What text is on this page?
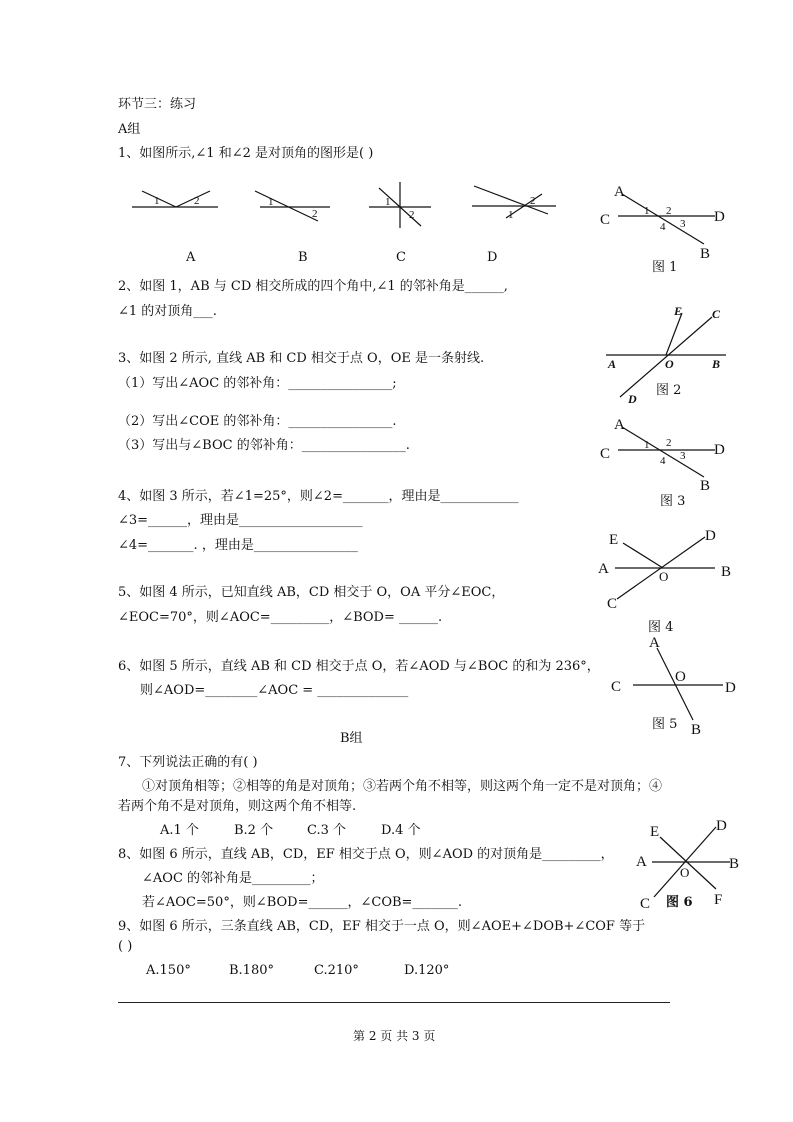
环节三：练习
A组
1、如图所示,∠1 和∠2 是对顶角的图形是( )
1	2	1
2
1
2	1
2
A	B	C	D
A
B
C	D
1 2
3
4
图 1
2、如图 1，AB 与 CD 相交所成的四个角中,∠1 的邻补角是______,
∠1 的对顶角___.
A	B
C
D
E
O
图 2
3、如图 2 所示, 直线 AB 和 CD 相交于点 O，OE 是一条射线.
（1）写出∠AOC 的邻补角：________________;
（2）写出∠COE 的邻补角：________________.
（3）写出与∠BOC 的邻补角：________________.
A
B
C	D
1 2
3
4
图 3
4、如图 3 所示，若∠1=25°，则∠2=_______，理由是____________
∠3=______，理由是___________________
∠4=_______. ，理由是________________
A	B
C
D
E
O
图 4
5、如图 4 所示，已知直线 AB，CD 相交于 O，OA 平分∠EOC，
∠EOC=70°，则∠AOC=_________，∠BOD= ______.
A
B
C	D
O
图 5
6、如图 5 所示，直线 AB 和 CD 相交于点 O，若∠AOD 与∠BOC 的和为 236°，
则∠AOD=________∠AOC = ______________
B组
7、下列说法正确的有( )
①对顶角相等；②相等的角是对顶角；③若两个角不相等，则这两个角一定不是对顶角；④
若两个角不是对顶角，则这两个角不相等.
A.1 个	B.2 个	C.3 个	D.4 个
A	B
C
D
E
F
O
图 6
8、如图 6 所示，直线 AB，CD，EF 相交于点 O，则∠AOD 的对顶角是_________，
∠AOC 的邻补角是_________；
若∠AOC=50°，则∠BOD=______，∠COB=_______.
9、如图 6 所示，三条直线 AB，CD，EF 相交于一点 O，则∠AOE+∠DOB+∠COF 等于
( )
A.150°	B.180°	C.210°	D.120°
第 2 页 共 3 页
